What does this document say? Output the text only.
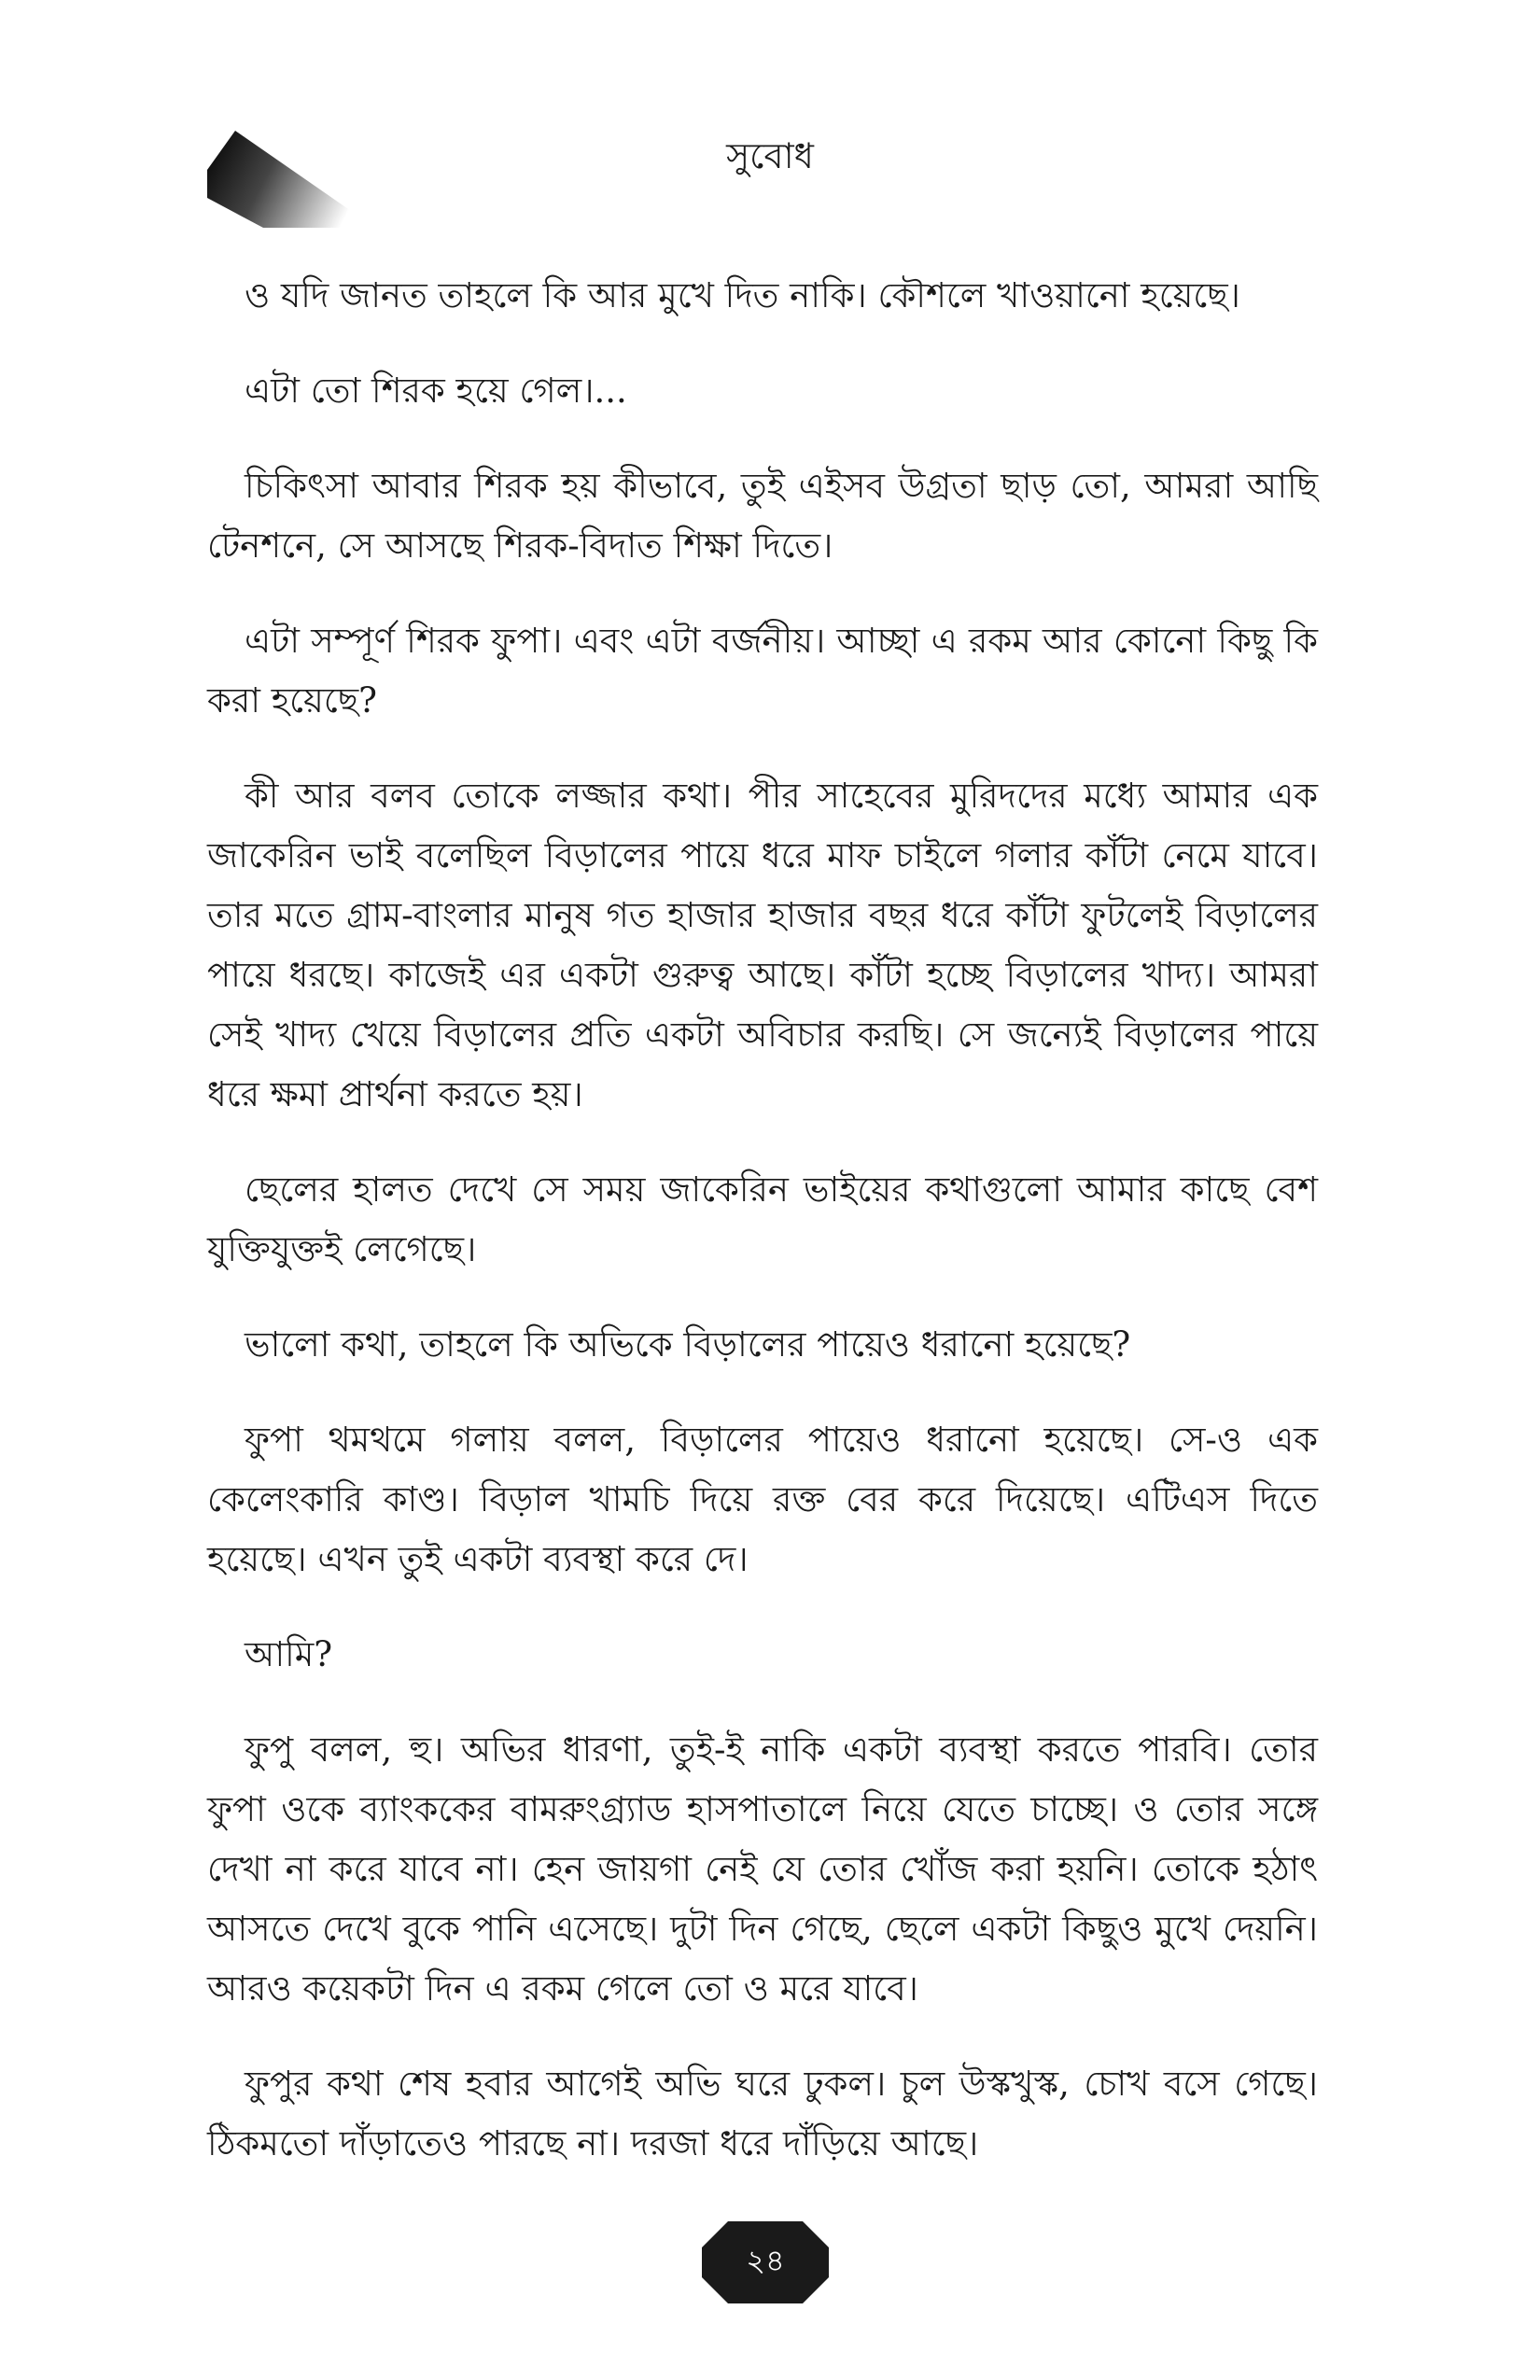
সুবোধ

ও যদি জানত তাহলে কি আর মুখে দিত নাকি। কৌশলে খাওয়ানো হয়েছে।

এটা তো শিরক হয়ে গেল।...

চিকিৎসা আবার শিরক হয় কীভাবে, তুই এইসব উগ্রতা ছাড় তো, আমরা আছি টেনশনে, সে আসছে শিরক-বিদাত শিক্ষা দিতে।

এটা সম্পূর্ণ শিরক ফুপা। এবং এটা বর্জনীয়। আচ্ছা এ রকম আর কোনো কিছু কি করা হয়েছে?

কী আর বলব তোকে লজ্জার কথা। পীর সাহেবের মুরিদদের মধ্যে আমার এক জাকেরিন ভাই বলেছিল বিড়ালের পায়ে ধরে মাফ চাইলে গলার কাঁটা নেমে যাবে। তার মতে গ্রাম-বাংলার মানুষ গত হাজার হাজার বছর ধরে কাঁটা ফুটলেই বিড়ালের পায়ে ধরছে। কাজেই এর একটা গুরুত্ব আছে। কাঁটা হচ্ছে বিড়ালের খাদ্য। আমরা সেই খাদ্য খেয়ে বিড়ালের প্রতি একটা অবিচার করছি। সে জন্যেই বিড়ালের পায়ে ধরে ক্ষমা প্রার্থনা করতে হয়।

ছেলের হালত দেখে সে সময় জাকেরিন ভাইয়ের কথাগুলো আমার কাছে বেশ যুক্তিযুক্তই লেগেছে।

ভালো কথা, তাহলে কি অভিকে বিড়ালের পায়েও ধরানো হয়েছে?

ফুপা থমথমে গলায় বলল, বিড়ালের পায়েও ধরানো হয়েছে। সে-ও এক কেলেংকারি কাণ্ড। বিড়াল খামচি দিয়ে রক্ত বের করে দিয়েছে। এটিএস দিতে হয়েছে। এখন তুই একটা ব্যবস্থা করে দে।

আমি?

ফুপু বলল, হু। অভির ধারণা, তুই-ই নাকি একটা ব্যবস্থা করতে পারবি। তোর ফুপা ওকে ব্যাংককের বামরুংগ্র্যাড হাসপাতালে নিয়ে যেতে চাচ্ছে। ও তোর সঙ্গে দেখা না করে যাবে না। হেন জায়গা নেই যে তোর খোঁজ করা হয়নি। তোকে হঠাৎ আসতে দেখে বুকে পানি এসেছে। দুটা দিন গেছে, ছেলে একটা কিছুও মুখে দেয়নি। আরও কয়েকটা দিন এ রকম গেলে তো ও মরে যাবে।

ফুপুর কথা শেষ হবার আগেই অভি ঘরে ঢুকল। চুল উস্কখুস্ক, চোখ বসে গেছে। ঠিকমতো দাঁড়াতেও পারছে না। দরজা ধরে দাঁড়িয়ে আছে।

২৪
